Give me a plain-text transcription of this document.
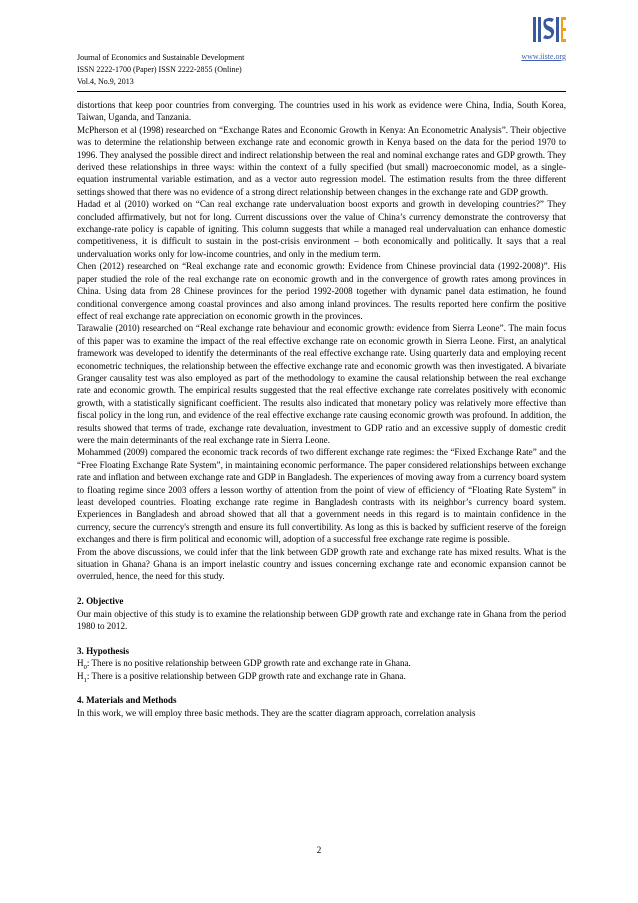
Journal of Economics and Sustainable Development
ISSN 2222-1700 (Paper) ISSN 2222-2855 (Online)
Vol.4, No.9, 2013
www.iiste.org

distortions that keep poor countries from converging. The countries used in his work as evidence were China, India, South Korea, Taiwan, Uganda, and Tanzania.

McPherson et al (1998) researched on “Exchange Rates and Economic Growth in Kenya: An Econometric Analysis”. Their objective was to determine the relationship between exchange rate and economic growth in Kenya based on the data for the period 1970 to 1996. They analysed the possible direct and indirect relationship between the real and nominal exchange rates and GDP growth. They derived these relationships in three ways: within the context of a fully specified (but small) macroeconomic model, as a single-equation instrumental variable estimation, and as a vector auto regression model. The estimation results from the three different settings showed that there was no evidence of a strong direct relationship between changes in the exchange rate and GDP growth.

Hadad et al (2010) worked on “Can real exchange rate undervaluation boost exports and growth in developing countries?” They concluded affirmatively, but not for long. Current discussions over the value of China’s currency demonstrate the controversy that exchange-rate policy is capable of igniting. This column suggests that while a managed real undervaluation can enhance domestic competitiveness, it is difficult to sustain in the post-crisis environment – both economically and politically. It says that a real undervaluation works only for low-income countries, and only in the medium term.

Chen (2012) researched on “Real exchange rate and economic growth: Evidence from Chinese provincial data (1992-2008)”. His paper studied the role of the real exchange rate on economic growth and in the convergence of growth rates among provinces in China. Using data from 28 Chinese provinces for the period 1992-2008 together with dynamic panel data estimation, he found conditional convergence among coastal provinces and also among inland provinces. The results reported here confirm the positive effect of real exchange rate appreciation on economic growth in the provinces.

Tarawalie (2010) researched on “Real exchange rate behaviour and economic growth: evidence from Sierra Leone”. The main focus of this paper was to examine the impact of the real effective exchange rate on economic growth in Sierra Leone. First, an analytical framework was developed to identify the determinants of the real effective exchange rate. Using quarterly data and employing recent econometric techniques, the relationship between the effective exchange rate and economic growth was then investigated. A bivariate Granger causality test was also employed as part of the methodology to examine the causal relationship between the real exchange rate and economic growth. The empirical results suggested that the real effective exchange rate correlates positively with economic growth, with a statistically significant coefficient. The results also indicated that monetary policy was relatively more effective than fiscal policy in the long run, and evidence of the real effective exchange rate causing economic growth was profound. In addition, the results showed that terms of trade, exchange rate devaluation, investment to GDP ratio and an excessive supply of domestic credit were the main determinants of the real exchange rate in Sierra Leone.

Mohammed (2009) compared the economic track records of two different exchange rate regimes: the “Fixed Exchange Rate” and the “Free Floating Exchange Rate System”, in maintaining economic performance. The paper considered relationships between exchange rate and inflation and between exchange rate and GDP in Bangladesh. The experiences of moving away from a currency board system to floating regime since 2003 offers a lesson worthy of attention from the point of view of efficiency of “Floating Rate System” in least developed countries. Floating exchange rate regime in Bangladesh contrasts with its neighbor’s currency board system. Experiences in Bangladesh and abroad showed that all that a government needs in this regard is to maintain confidence in the currency, secure the currency's strength and ensure its full convertibility. As long as this is backed by sufficient reserve of the foreign exchanges and there is firm political and economic will, adoption of a successful free exchange rate regime is possible.

From the above discussions, we could infer that the link between GDP growth rate and exchange rate has mixed results. What is the situation in Ghana? Ghana is an import inelastic country and issues concerning exchange rate and economic expansion cannot be overruled, hence, the need for this study.

2. Objective

Our main objective of this study is to examine the relationship between GDP growth rate and exchange rate in Ghana from the period 1980 to 2012.

3. Hypothesis

$H_0$: There is no positive relationship between GDP growth rate and exchange rate in Ghana.

$H_1$: There is a positive relationship between GDP growth rate and exchange rate in Ghana.

4. Materials and Methods

In this work, we will employ three basic methods. They are the scatter diagram approach, correlation analysis

2
